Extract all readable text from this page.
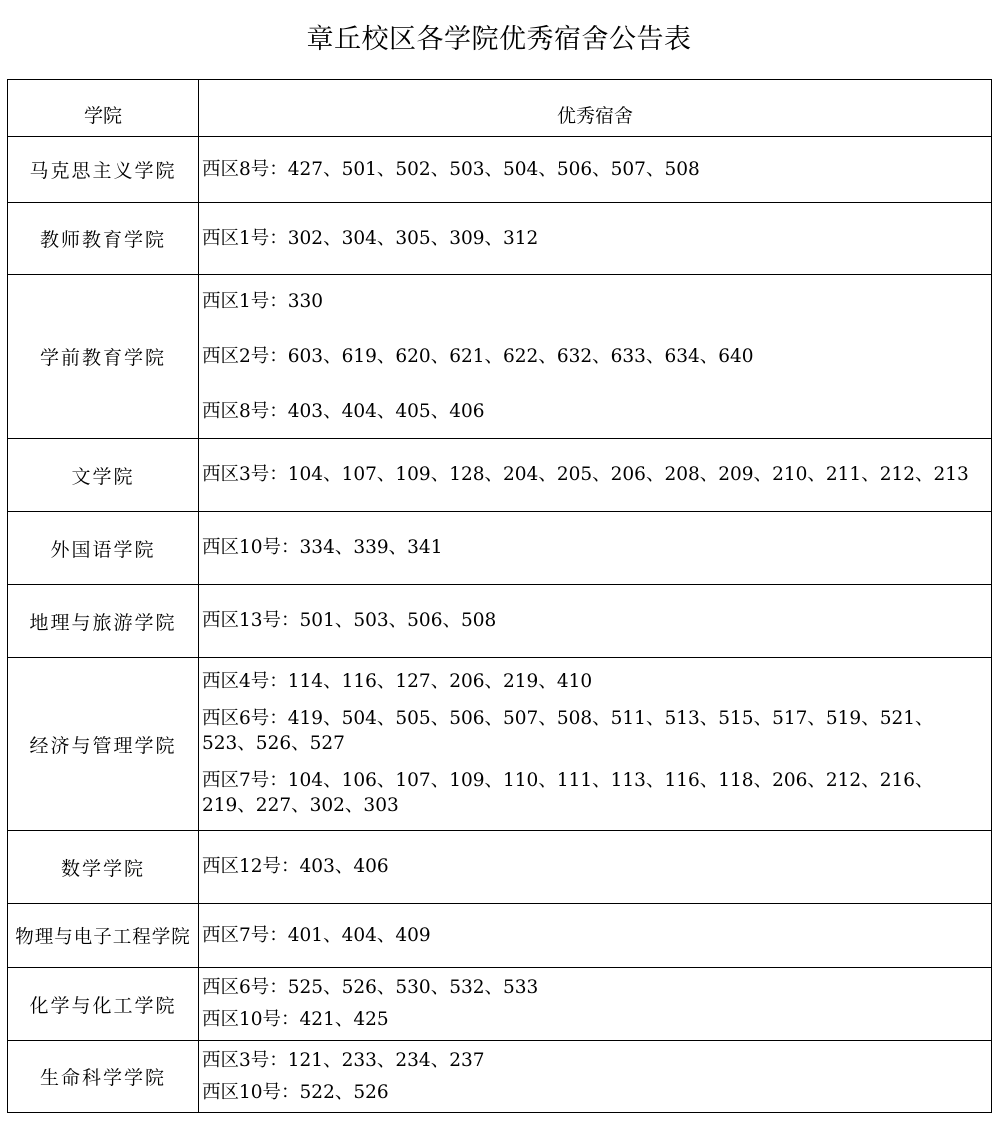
章丘校区各学院优秀宿舍公告表
学院	优秀宿舍
马克思主义学院	西区8号：427、501、502、503、504、506、507、508

教师教育学院	西区1号：302、304、305、309、312

学前教育学院	西区1号：330
西区2号：603、619、620、621、622、632、633、634、640
西区8号：403、404、405、406

文学院	西区3号：104、107、109、128、204、205、206、208、209、210、211、212、213

外国语学院	西区10号：334、339、341

地理与旅游学院	西区13号：501、503、506、508

经济与管理学院	西区4号：114、116、127、206、219、410
西区6号：419、504、505、506、507、508、511、513、515、517、519、521、523、526、527
西区7号：104、106、107、109、110、111、113、116、118、206、212、216、219、227、302、303

数学学院	西区12号：403、406

物理与电子工程学院	西区7号：401、404、409

化学与化工学院	西区6号：525、526、530、532、533
西区10号：421、425

生命科学学院	西区3号：121、233、234、237
西区10号：522、526
